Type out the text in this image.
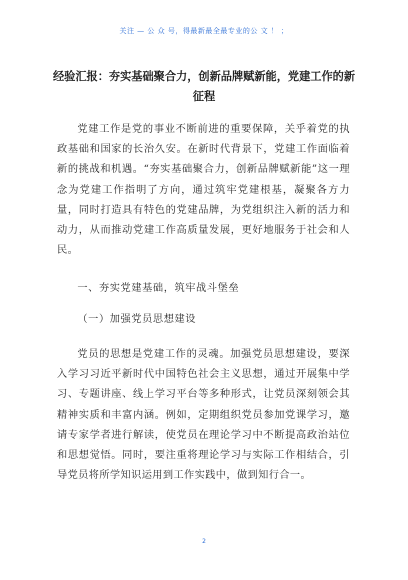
关注 — 公 众 号，得最新最全最专业的公 文 ！ ；
经验汇报：夯实基础聚合力，创新品牌赋新能，党建工作的新征程
党建工作是党的事业不断前进的重要保障，关乎着党的执政基础和国家的长治久安。在新时代背景下，党建工作面临着新的挑战和机遇。“夯实基础聚合力，创新品牌赋新能”这一理念为党建工作指明了方向，通过筑牢党建根基，凝聚各方力量，同时打造具有特色的党建品牌，为党组织注入新的活力和动力，从而推动党建工作高质量发展，更好地服务于社会和人民。
一、夯实党建基础，筑牢战斗堡垒
（一）加强党员思想建设
党员的思想是党建工作的灵魂。加强党员思想建设，要深入学习习近平新时代中国特色社会主义思想，通过开展集中学习、专题讲座、线上学习平台等多种形式，让党员深刻领会其精神实质和丰富内涵。例如，定期组织党员参加党课学习，邀请专家学者进行解读，使党员在理论学习中不断提高政治站位和思想觉悟。同时，要注重将理论学习与实际工作相结合，引导党员将所学知识运用到工作实践中，做到知行合一。
2
